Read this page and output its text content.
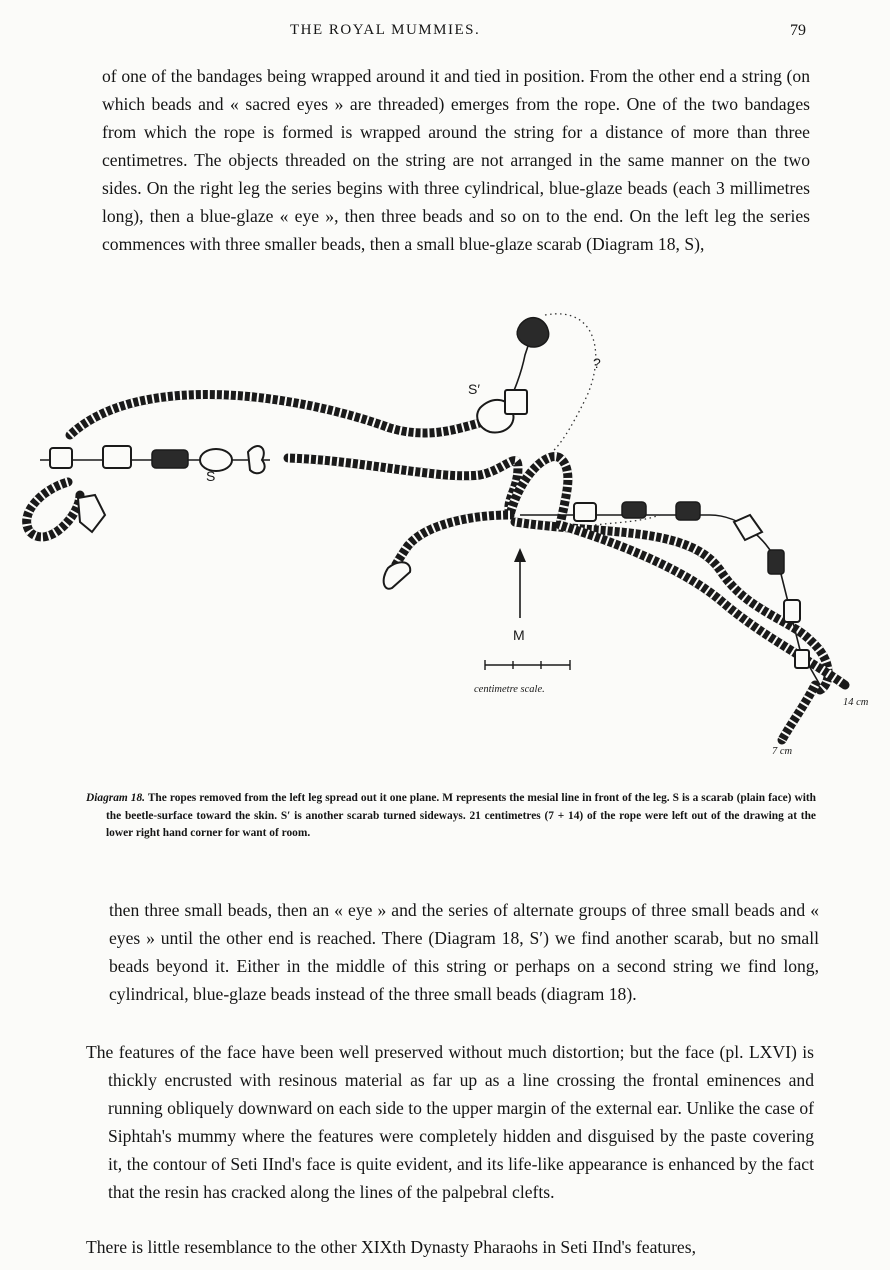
THE ROYAL MUMMIES.	79

of one of the bandages being wrapped around it and tied in position. From the other end a string (on which beads and « sacred eyes » are threaded) emerges from the rope. One of the two bandages from which the rope is formed is wrapped around the string for a distance of more than three centimetres. The objects threaded on the string are not arranged in the same manner on the two sides. On the right leg the series begins with three cylindrical, blue-glaze beads (each 3 millimetres long), then a blue-glaze « eye », then three beads and so on to the end. On the left leg the series commences with three smaller beads, then a small blue-glaze scarab (Diagram 18, S),

S
S′
?
M
centimetre scale.
14 cm
7 cm

Diagram 18. The ropes removed from the left leg spread out it one plane. M represents the mesial line in front of the leg. S is a scarab (plain face) with the beetle-surface toward the skin. S′ is another scarab turned sideways. 21 centimetres (7 + 14) of the rope were left out of the drawing at the lower right hand corner for want of room.

then three small beads, then an « eye » and the series of alternate groups of three small beads and « eyes » until the other end is reached. There (Diagram 18, S′) we find another scarab, but no small beads beyond it. Either in the middle of this string or perhaps on a second string we find long, cylindrical, blue-glaze beads instead of the three small beads (diagram 18).

The features of the face have been well preserved without much distortion; but the face (pl. LXVI) is thickly encrusted with resinous material as far up as a line crossing the frontal eminences and running obliquely downward on each side to the upper margin of the external ear. Unlike the case of Siphtah's mummy where the features were completely hidden and disguised by the paste covering it, the contour of Seti IInd's face is quite evident, and its life-like appearance is enhanced by the fact that the resin has cracked along the lines of the palpebral clefts.

There is little resemblance to the other XIXth Dynasty Pharaohs in Seti IInd's features,
